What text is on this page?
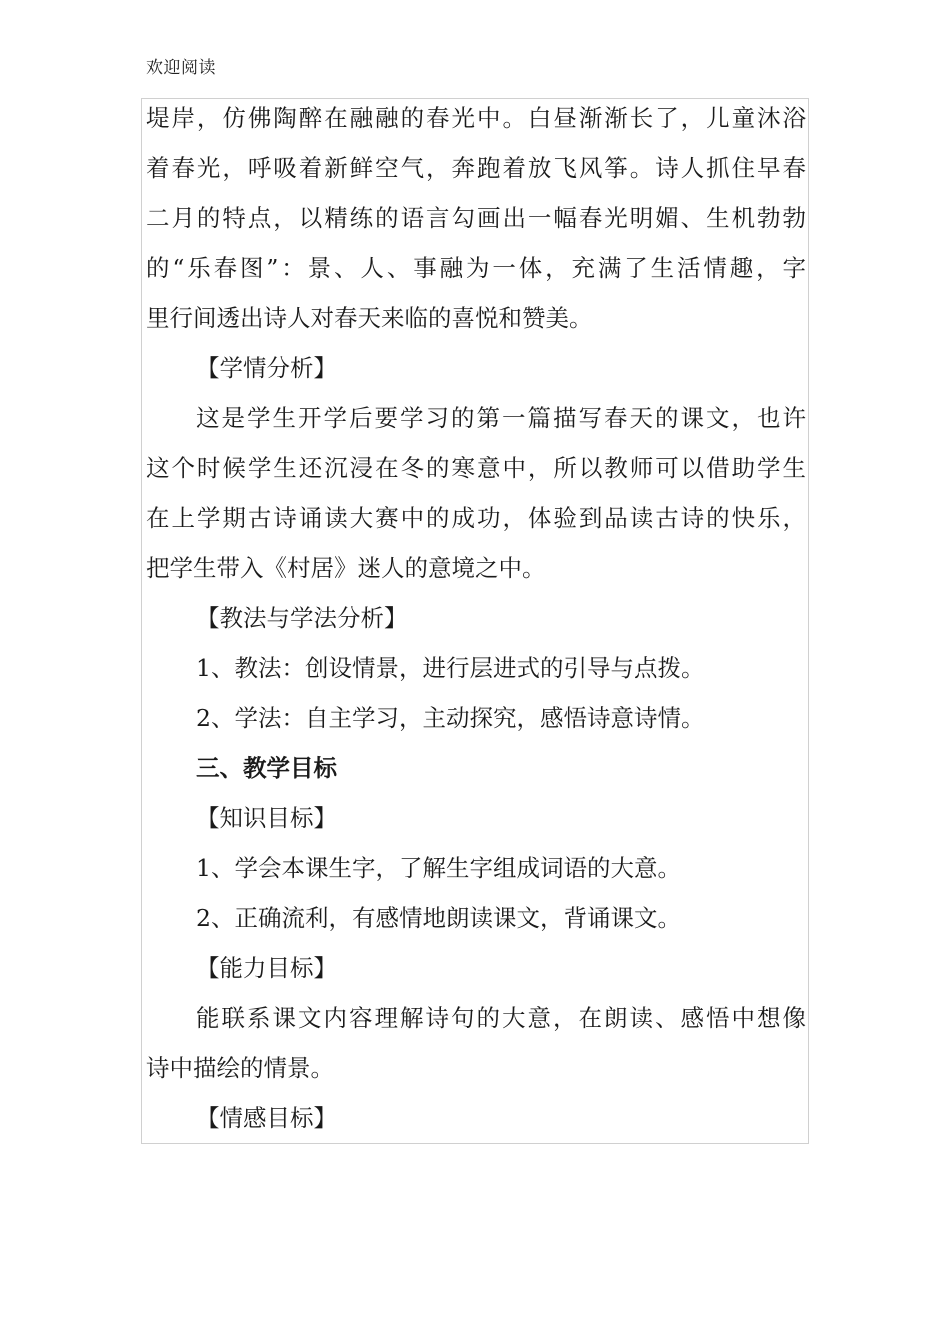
欢迎阅读
堤岸，仿佛陶醉在融融的春光中。白昼渐渐长了，儿童沐浴
着春光，呼吸着新鲜空气，奔跑着放飞风筝。诗人抓住早春
二月的特点，以精练的语言勾画出一幅春光明媚、生机勃勃
的“乐春图”：景、人、事融为一体，充满了生活情趣，字
里行间透出诗人对春天来临的喜悦和赞美。
【学情分析】
这是学生开学后要学习的第一篇描写春天的课文，也许
这个时候学生还沉浸在冬的寒意中，所以教师可以借助学生
在上学期古诗诵读大赛中的成功，体验到品读古诗的快乐，
把学生带入《村居》迷人的意境之中。
【教法与学法分析】
1、教法：创设情景，进行层进式的引导与点拨。
2、学法：自主学习，主动探究，感悟诗意诗情。
三、教学目标
【知识目标】
1、学会本课生字，了解生字组成词语的大意。
2、正确流利，有感情地朗读课文，背诵课文。
【能力目标】
能联系课文内容理解诗句的大意，在朗读、感悟中想像
诗中描绘的情景。
【情感目标】
